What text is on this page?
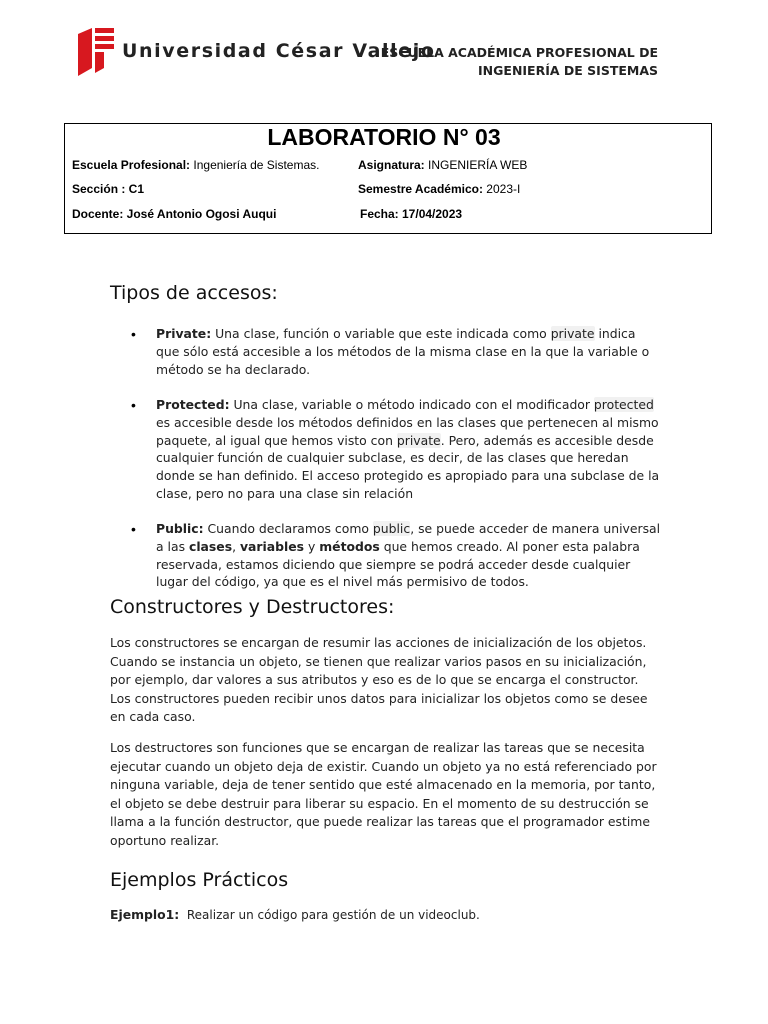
Universidad César Vallejo
ESCUELA ACADÉMICA PROFESIONAL DE
INGENIERÍA DE SISTEMAS
LABORATORIO N° 03
Escuela Profesional: Ingeniería de Sistemas.	Asignatura: INGENIERÍA WEB
Sección : C1	Semestre Académico: 2023-I
Docente: José Antonio Ogosi Auqui	Fecha: 17/04/2023
Tipos de accesos:
• Private: Una clase, función o variable que este indicada como private indica que sólo está accesible a los métodos de la misma clase en la que la variable o método se ha declarado.
• Protected: Una clase, variable o método indicado con el modificador protected es accesible desde los métodos definidos en las clases que pertenecen al mismo paquete, al igual que hemos visto con private. Pero, además es accesible desde cualquier función de cualquier subclase, es decir, de las clases que heredan donde se han definido. El acceso protegido es apropiado para una subclase de la clase, pero no para una clase sin relación
• Public: Cuando declaramos como public, se puede acceder de manera universal a las clases, variables y métodos que hemos creado. Al poner esta palabra reservada, estamos diciendo que siempre se podrá acceder desde cualquier lugar del código, ya que es el nivel más permisivo de todos.
Constructores y Destructores:
Los constructores se encargan de resumir las acciones de inicialización de los objetos. Cuando se instancia un objeto, se tienen que realizar varios pasos en su inicialización, por ejemplo, dar valores a sus atributos y eso es de lo que se encarga el constructor. Los constructores pueden recibir unos datos para inicializar los objetos como se desee en cada caso.
Los destructores son funciones que se encargan de realizar las tareas que se necesita ejecutar cuando un objeto deja de existir. Cuando un objeto ya no está referenciado por ninguna variable, deja de tener sentido que esté almacenado en la memoria, por tanto, el objeto se debe destruir para liberar su espacio. En el momento de su destrucción se llama a la función destructor, que puede realizar las tareas que el programador estime oportuno realizar.
Ejemplos Prácticos
Ejemplo1:  Realizar un código para gestión de un videoclub.
